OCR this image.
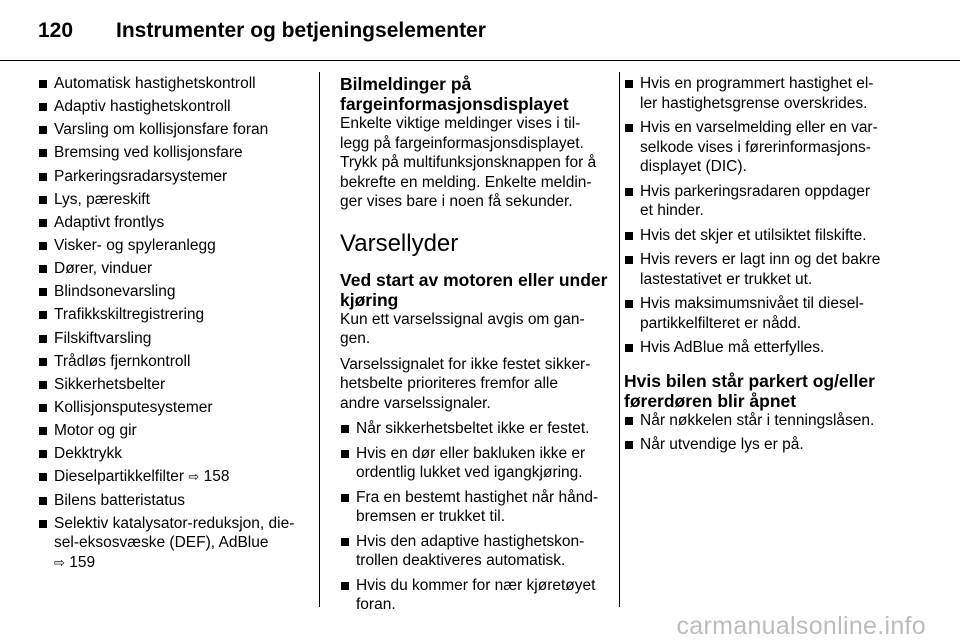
120 Instrumenter og betjeningselementer
Automatisk hastighetskontroll
Adaptiv hastighetskontroll
Varsling om kollisjonsfare foran
Bremsing ved kollisjonsfare
Parkeringsradarsystemer
Lys, pæreskift
Adaptivt frontlys
Visker- og spyleranlegg
Dører, vinduer
Blindsonevarsling
Trafikkskiltregistrering
Filskiftvarsling
Trådløs fjernkontroll
Sikkerhetsbelter
Kollisjonsputesystemer
Motor og gir
Dekktrykk
Dieselpartikkelfilter ⇨ 158
Bilens batteristatus
Selektiv katalysator-reduksjon, die-
sel-eksosvæske (DEF), AdBlue
⇨ 159
Bilmeldinger på
fargeinformasjonsdisplayet

Enkelte viktige meldinger vises i til-
legg på fargeinformasjonsdisplayet.
Trykk på multifunksjonsknappen for å
bekrefte en melding. Enkelte meldin-
ger vises bare i noen få sekunder.

Varsellyder
Ved start av motoren eller under
kjøring

Kun ett varselssignal avgis om gan-
gen.

Varselssignalet for ikke festet sikker-
hetsbelte prioriteres fremfor alle
andre varselssignaler.

Når sikkerhetsbeltet ikke er festet.
Hvis en dør eller bakluken ikke er
ordentlig lukket ved igangkjøring.
Fra en bestemt hastighet når hånd-
bremsen er trukket til.
Hvis den adaptive hastighetskon-
trollen deaktiveres automatisk.
Hvis du kommer for nær kjøretøyet
foran.
Hvis en programmert hastighet el-
ler hastighetsgrense overskrides.
Hvis en varselmelding eller en var-
selkode vises i førerinformasjons-
displayet (DIC).
Hvis parkeringsradaren oppdager
et hinder.
Hvis det skjer et utilsiktet filskifte.
Hvis revers er lagt inn og det bakre
lastestativet er trukket ut.
Hvis maksimumsnivået til diesel-
partikkelfilteret er nådd.
Hvis AdBlue må etterfylles.
Hvis bilen står parkert og/eller
førerdøren blir åpnet
Når nøkkelen står i tenningslåsen.
Når utvendige lys er på.
carmanualsonline.info
